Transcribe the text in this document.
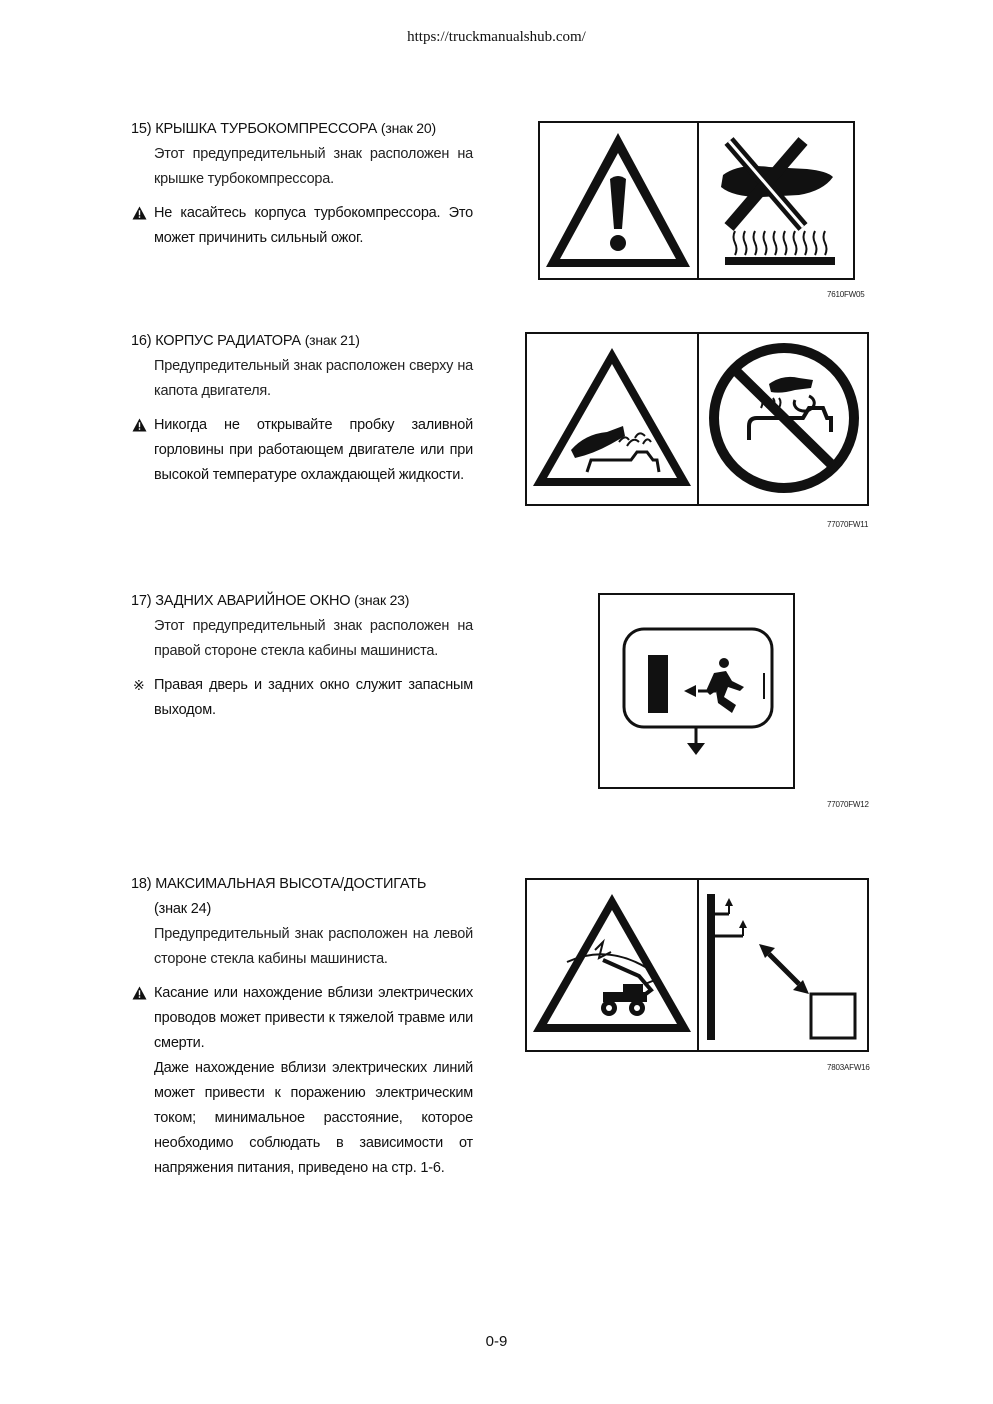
https://truckmanualshub.com/
15) КРЫШКА ТУРБОКОМПРЕССОРА (знак 20)
Этот предупредительный знак расположен на крышке турбокомпрессора.
Не касайтесь корпуса турбокомпрессора. Это может причинить сильный ожог.
7610FW05
16) КОРПУС РАДИАТОРА (знак 21)
Предупредительный знак расположен сверху на капота двигателя.
Никогда не открывайте пробку заливной горловины при работающем двигателе или при высокой температуре охлаждающей жидкости.
77070FW11
17) ЗАДНИХ АВАРИЙНОЕ ОКНО (знак 23)
Этот предупредительный знак расположен на правой стороне стекла кабины машиниста.
※ Правая дверь и задних окно служит запасным выходом.
77070FW12
18) МАКСИМАЛЬНАЯ ВЫСОТА/ДОСТИГАТЬ
(знак 24)
Предупредительный знак расположен на левой стороне стекла кабины машиниста.
Касание или нахождение вблизи электрических проводов может привести к тяжелой травме или смерти.
Даже нахождение вблизи электрических линий может привести к поражению электрическим током; минимальное расстояние, которое необходимо соблюдать в зависимости от напряжения питания, приведено на стр. 1-6.
7803AFW16
0-9
